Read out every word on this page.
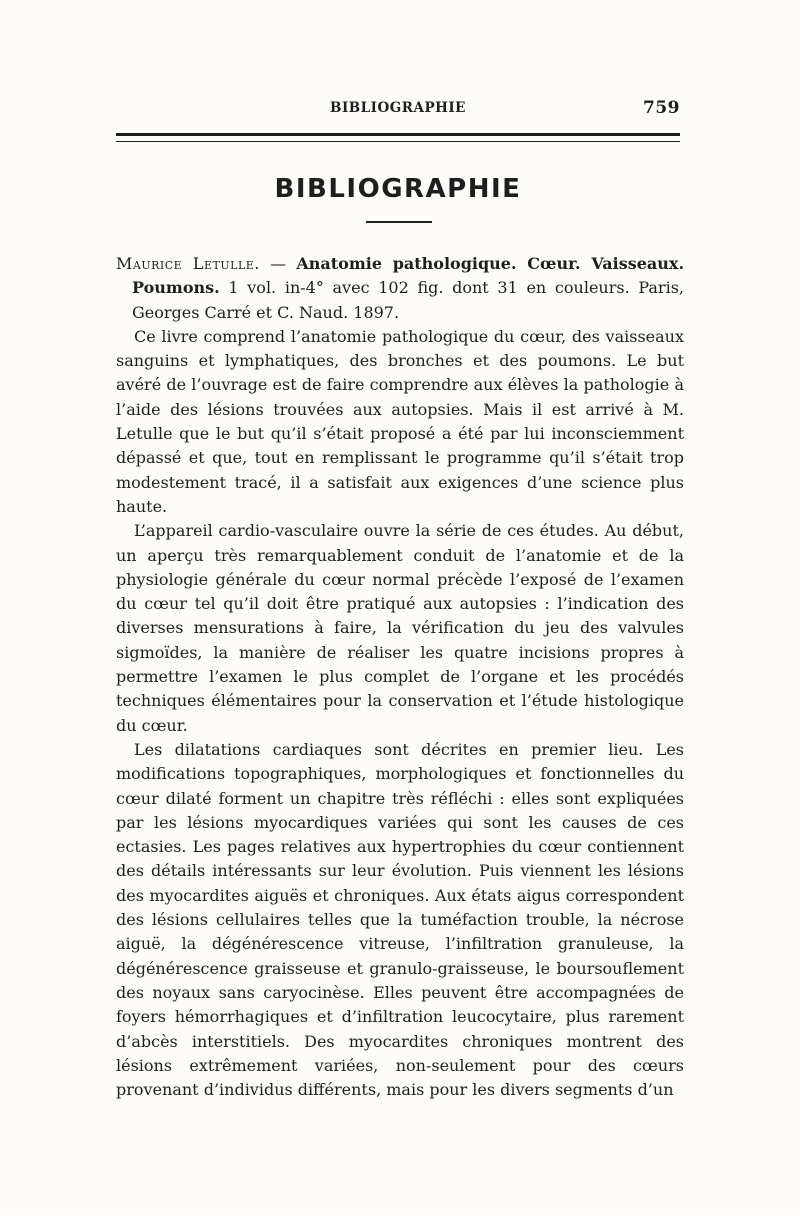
BIBLIOGRAPHIE	759
BIBLIOGRAPHIE

Maurice Letulle. — Anatomie pathologique. Cœur. Vaisseaux. Poumons. 1 vol. in-4° avec 102 fig. dont 31 en couleurs. Paris, Georges Carré et C. Naud. 1897.

Ce livre comprend l’anatomie pathologique du cœur, des vaisseaux sanguins et lymphatiques, des bronches et des poumons. Le but avéré de l’ouvrage est de faire comprendre aux élèves la pathologie à l’aide des lésions trouvées aux autopsies. Mais il est arrivé à M. Letulle que le but qu’il s’était proposé a été par lui inconsciemment dépassé et que, tout en remplissant le programme qu’il s’était trop modestement tracé, il a satisfait aux exigences d’une science plus haute.

L’appareil cardio-vasculaire ouvre la série de ces études. Au début, un aperçu très remarquablement conduit de l’anatomie et de la physiologie générale du cœur normal précède l’exposé de l’examen du cœur tel qu’il doit être pratiqué aux autopsies : l’indication des diverses mensurations à faire, la vérification du jeu des valvules sigmoïdes, la manière de réaliser les quatre incisions propres à permettre l’examen le plus complet de l’organe et les procédés techniques élémentaires pour la conservation et l’étude histologique du cœur.

Les dilatations cardiaques sont décrites en premier lieu. Les modifications topographiques, morphologiques et fonctionnelles du cœur dilaté forment un chapitre très réfléchi : elles sont expliquées par les lésions myocardiques variées qui sont les causes de ces ectasies. Les pages relatives aux hypertrophies du cœur contiennent des détails intéressants sur leur évolution. Puis viennent les lésions des myocardites aiguës et chroniques. Aux états aigus correspondent des lésions cellulaires telles que la tuméfaction trouble, la nécrose aiguë, la dégénérescence vitreuse, l’infiltration granuleuse, la dégénérescence graisseuse et granulo-graisseuse, le boursouflement des noyaux sans caryocinèse. Elles peuvent être accompagnées de foyers hémorrhagiques et d’infiltration leucocytaire, plus rarement d’abcès interstitiels. Des myocardites chroniques montrent des lésions extrêmement variées, non-seulement pour des cœurs provenant d’individus différents, mais pour les divers segments d’un
